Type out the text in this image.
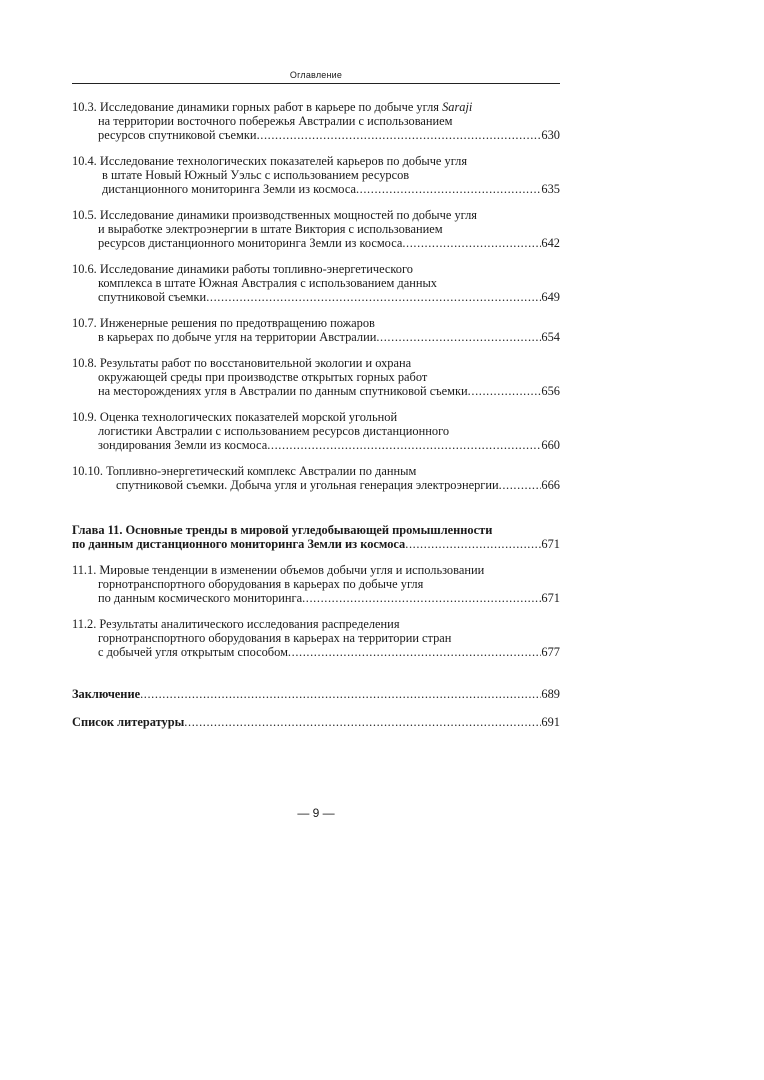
Оглавление
10.3. Исследование динамики горных работ в карьере по добыче угля Saraji
на территории восточного побережья Австралии с использованием
ресурсов спутниковой съемки .....	630
10.4. Исследование технологических показателей карьеров по добыче угля
в штате Новый Южный Уэльс с использованием ресурсов
дистанционного мониторинга Земли из космоса .....	635
10.5. Исследование динамики производственных мощностей по добыче угля
и выработке электроэнергии в штате Виктория с использованием
ресурсов дистанционного мониторинга Земли из космоса .....	642
10.6. Исследование динамики работы топливно-энергетического
комплекса в штате Южная Австралия с использованием данных
спутниковой съемки .....	649
10.7. Инженерные решения по предотвращению пожаров
в карьерах по добыче угля на территории Австралии .....	654
10.8. Результаты работ по восстановительной экологии и охрана
окружающей среды при производстве открытых горных работ
на месторождениях угля в Австралии по данным спутниковой съемки .....	656
10.9. Оценка технологических показателей морской угольной
логистики Австралии с использованием ресурсов дистанционного
зондирования Земли из космоса .....	660
10.10. Топливно-энергетический комплекс Австралии по данным
спутниковой съемки. Добыча угля и угольная генерация электроэнергии .....	666
Глава 11. Основные тренды в мировой угледобывающей промышленности
по данным дистанционного мониторинга Земли из космоса .....	671
11.1. Мировые тенденции в изменении объемов добычи угля и использовании
горнотранспортного оборудования в карьерах по добыче угля
по данным космического мониторинга .....	671
11.2. Результаты аналитического исследования распределения
горнотранспортного оборудования в карьерах на территории стран
с добычей угля открытым способом .....	677
Заключение .....	689
Список литературы .....	691
— 9 —
